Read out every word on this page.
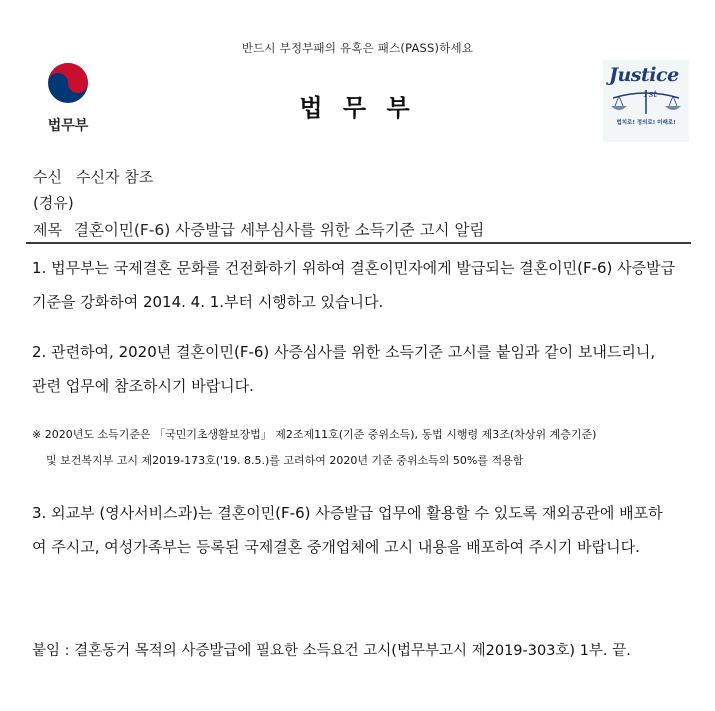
반드시 부정부패의 유혹은 패스(PASS)하세요
법무부
법 무 부
Justice
1st
법치로! 정의로! 미래로!
수신 수신자 참조
(경유)
제목 결혼이민(F-6) 사증발급 세부심사를 위한 소득기준 고시 알림
1. 법무부는 국제결혼 문화를 건전화하기 위하여 결혼이민자에게 발급되는 결혼이민(F-6) 사증발급
기준을 강화하여 2014. 4. 1.부터 시행하고 있습니다.
2. 관련하여, 2020년 결혼이민(F-6) 사증심사를 위한 소득기준 고시를 붙임과 같이 보내드리니,
관련 업무에 참조하시기 바랍니다.
※ 2020년도 소득기준은 「국민기초생활보장법」 제2조제11호(기준 중위소득), 동법 시행령 제3조(차상위 계층기준)
및 보건복지부 고시 제2019-173호('19. 8.5.)를 고려하여 2020년 기준 중위소득의 50%를 적용함
3. 외교부 (영사서비스과)는 결혼이민(F-6) 사증발급 업무에 활용할 수 있도록 재외공관에 배포하
여 주시고, 여성가족부는 등록된 국제결혼 중개업체에 고시 내용을 배포하여 주시기 바랍니다.
붙임 : 결혼동거 목적의 사증발급에 필요한 소득요건 고시(법무부고시 제2019-303호) 1부. 끝.
